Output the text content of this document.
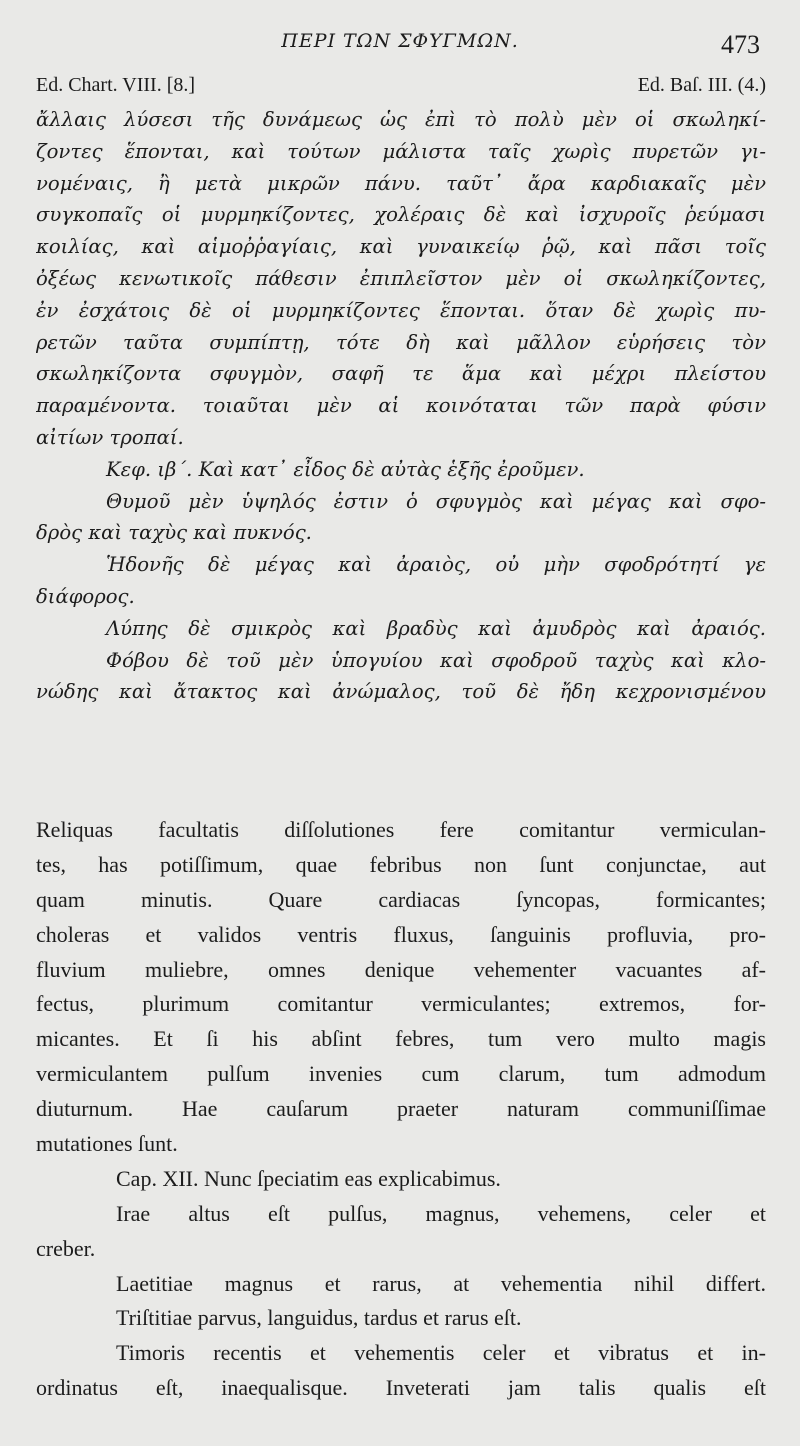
ΠΕΡΙ ΤΩΝ ΣΦΥΓΜΩΝ.	473
Ed. Chart. VIII. [8.]	Ed. Baſ. III. (4.)
ἄλλαις λύσεσι τῆς δυνάμεως ὡς ἐπὶ τὸ πολὺ μὲν οἱ σκωληκί-
ζοντες ἕπονται, καὶ τούτων μάλιστα ταῖς χωρὶς πυρετῶν γι-
νομέναις, ἢ μετὰ μικρῶν πάνυ. ταῦτ᾽ ἄρα καρδιακαῖς μὲν
συγκοπαῖς οἱ μυρμηκίζοντες, χολέραις δὲ καὶ ἰσχυροῖς ῥεύμασι
κοιλίας, καὶ αἱμοῤῥαγίαις, καὶ γυναικείῳ ῥῷ, καὶ πᾶσι τοῖς
ὀξέως κενωτικοῖς πάθεσιν ἐπιπλεῖστον μὲν οἱ σκωληκίζοντες,
ἐν ἐσχάτοις δὲ οἱ μυρμηκίζοντες ἕπονται. ὅταν δὲ χωρὶς πυ-
ρετῶν ταῦτα συμπίπτῃ, τότε δὴ καὶ μᾶλλον εὑρήσεις τὸν
σκωληκίζοντα σφυγμὸν, σαφῆ τε ἅμα καὶ μέχρι πλείστου
παραμένοντα. τοιαῦται μὲν αἱ κοινόταται τῶν παρὰ φύσιν
αἰτίων τροπαί.
Κεφ. ιβ΄. Καὶ κατ᾽ εἶδος δὲ αὐτὰς ἑξῆς ἐροῦμεν.
Θυμοῦ μὲν ὑψηλός ἐστιν ὁ σφυγμὸς καὶ μέγας καὶ σφο-
δρὸς καὶ ταχὺς καὶ πυκνός.
Ἡδονῆς δὲ μέγας καὶ ἀραιὸς, οὐ μὴν σφοδρότητί γε
διάφορος.
Λύπης δὲ σμικρὸς καὶ βραδὺς καὶ ἀμυδρὸς καὶ ἀραιός.
Φόβου δὲ τοῦ μὲν ὑπογυίου καὶ σφοδροῦ ταχὺς καὶ κλο-
νώδης καὶ ἄτακτος καὶ ἀνώμαλος, τοῦ δὲ ἤδη κεχρονισμένου
Reliquas facultatis diſſolutiones fere comitantur vermiculan-
tes, has potiſſimum, quae febribus non ſunt conjunctae, aut
quam minutis. Quare cardiacas ſyncopas, formicantes;
choleras et validos ventris fluxus, ſanguinis profluvia, pro-
fluvium muliebre, omnes denique vehementer vacuantes af-
fectus, plurimum comitantur vermiculantes; extremos, for-
micantes. Et ſi his abſint febres, tum vero multo magis
vermiculantem pulſum invenies cum clarum, tum admodum
diuturnum. Hae cauſarum praeter naturam communiſſimae
mutationes ſunt.
Cap. XII. Nunc ſpeciatim eas explicabimus.
Irae altus eſt pulſus, magnus, vehemens, celer et
creber.
Laetitiae magnus et rarus, at vehementia nihil differt.
Triſtitiae parvus, languidus, tardus et rarus eſt.
Timoris recentis et vehementis celer et vibratus et in-
ordinatus eſt, inaequalisque. Inveterati jam talis qualis eſt
